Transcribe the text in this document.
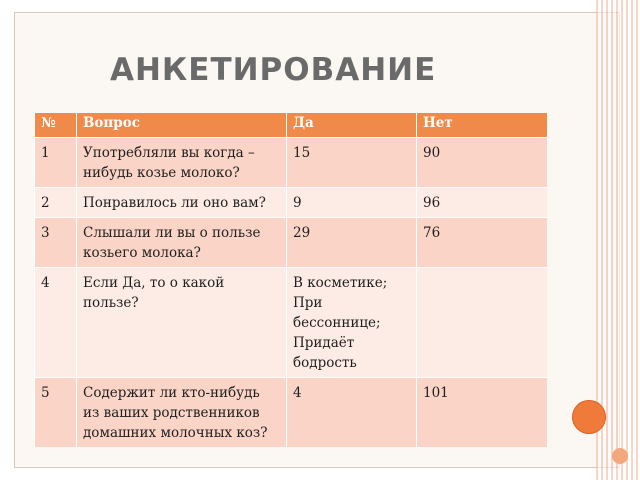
АНКЕТИРОВАНИЕ
№	Вопрос	Да	Нет
1	Употребляли вы когда – нибудь козье молоко?	15	90
2	Понравилось ли оно вам?	9	96
3	Слышали ли вы о пользе козьего молока?	29	76
4	Если Да, то о какой пользе?	В косметике; При бессоннице; Придаёт бодрость	
5	Содержит ли кто-нибудь из ваших родственников домашних молочных коз?	4	101
